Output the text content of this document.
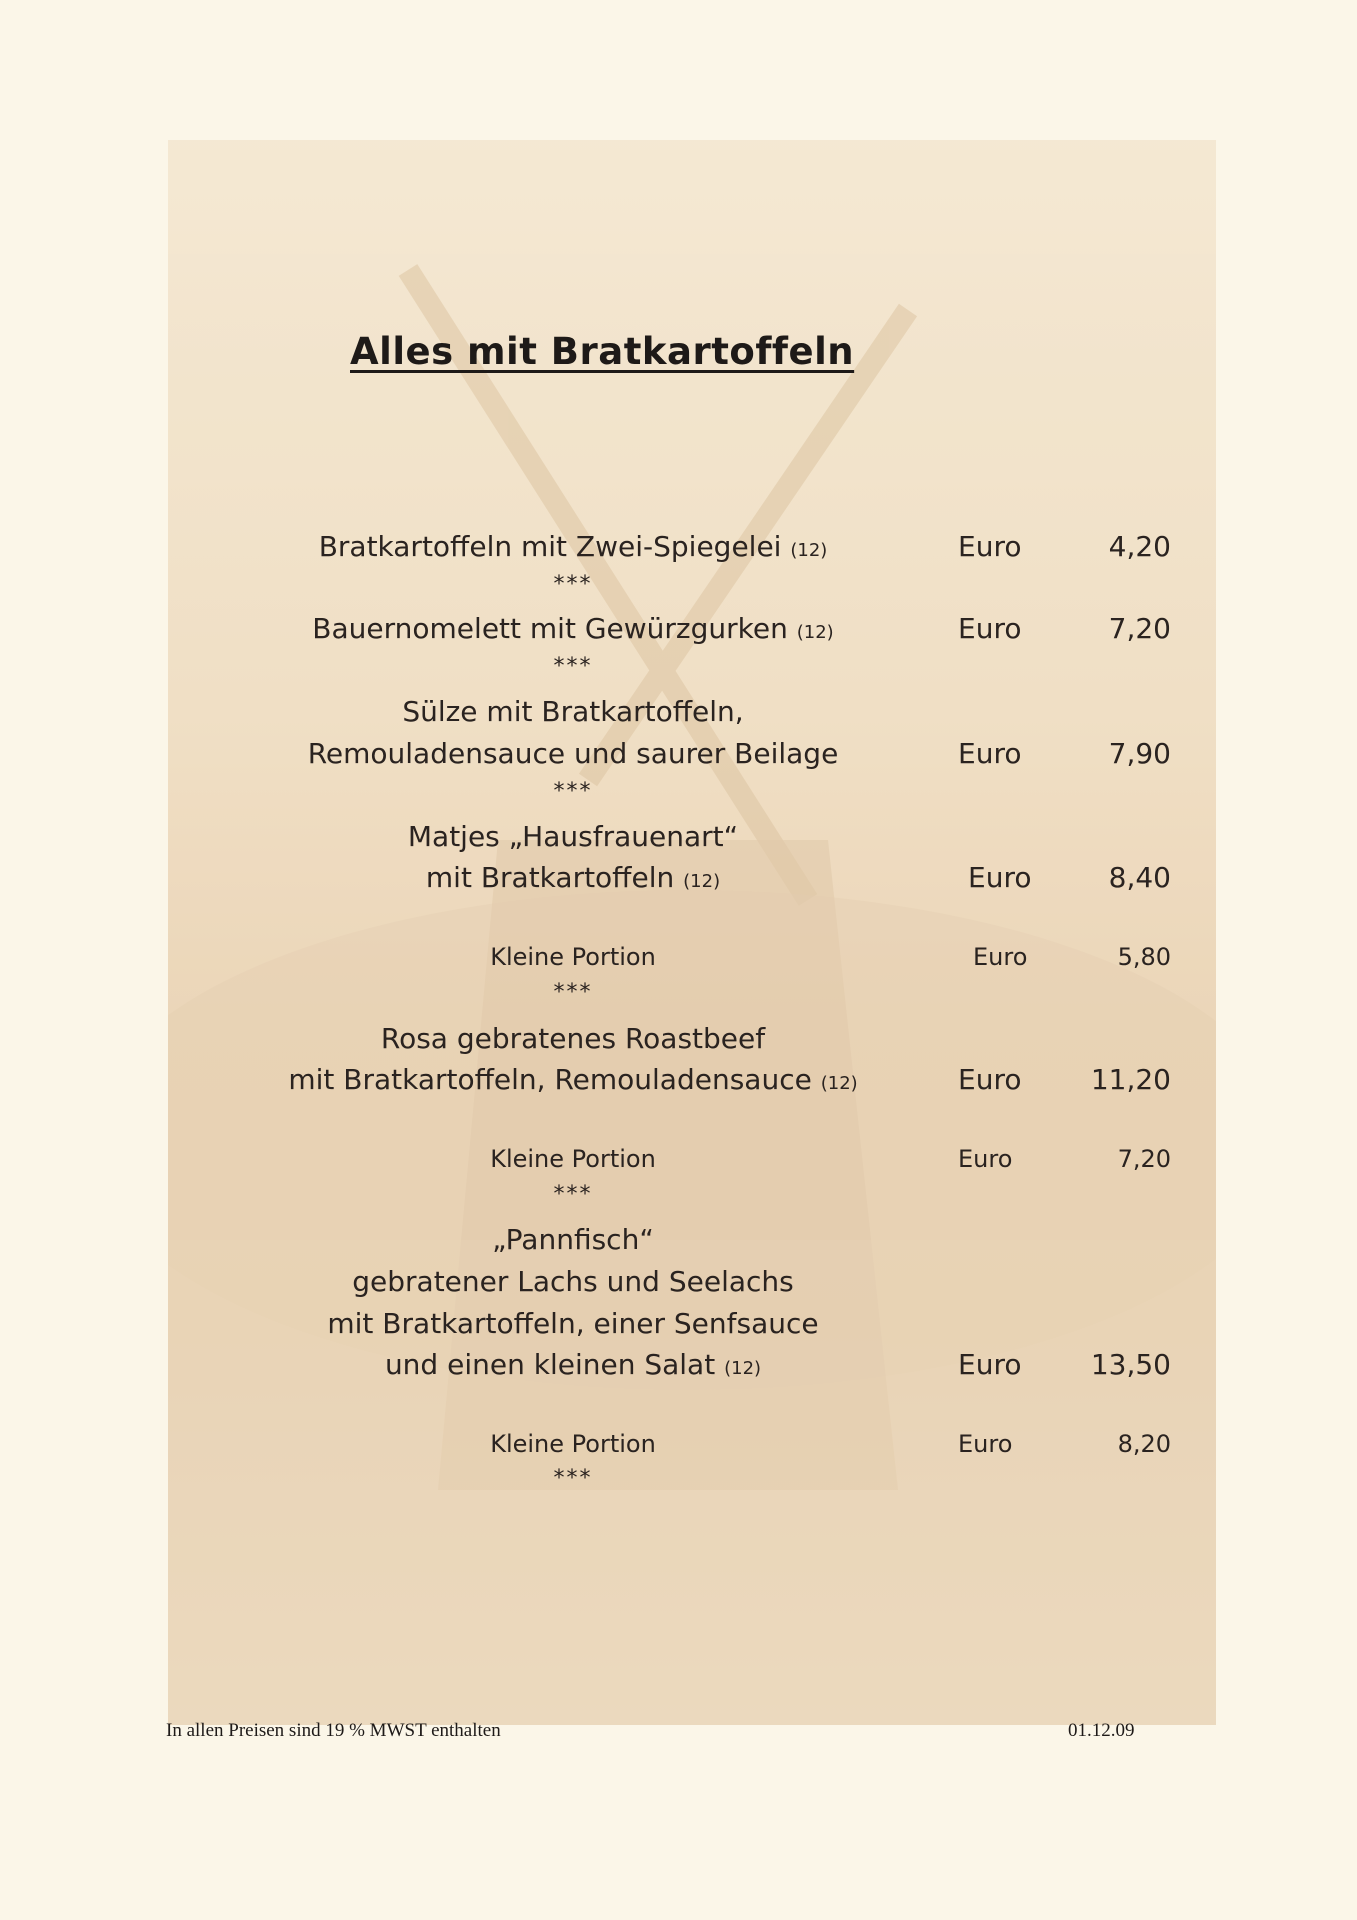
Alles mit Bratkartoffeln
Bratkartoffeln mit Zwei-Spiegelei (12)	Euro	4,20
***
Bauernomelett mit Gewürzgurken (12)	Euro	7,20
***
Sülze mit Bratkartoffeln,
Remouladensauce und saurer Beilage	Euro	7,90
***
Matjes „Hausfrauenart“
mit Bratkartoffeln (12)	Euro	8,40
Kleine Portion	Euro	5,80
***
Rosa gebratenes Roastbeef
mit Bratkartoffeln, Remouladensauce (12)	Euro 11,20
Kleine Portion	Euro	7,20
***
„Pannfisch“
gebratener Lachs und Seelachs
mit Bratkartoffeln, einer Senfsauce
und einen kleinen Salat (12)	Euro 13,50
Kleine Portion	Euro	8,20
***
In allen Preisen sind 19 % MWST enthalten	01.12.09
